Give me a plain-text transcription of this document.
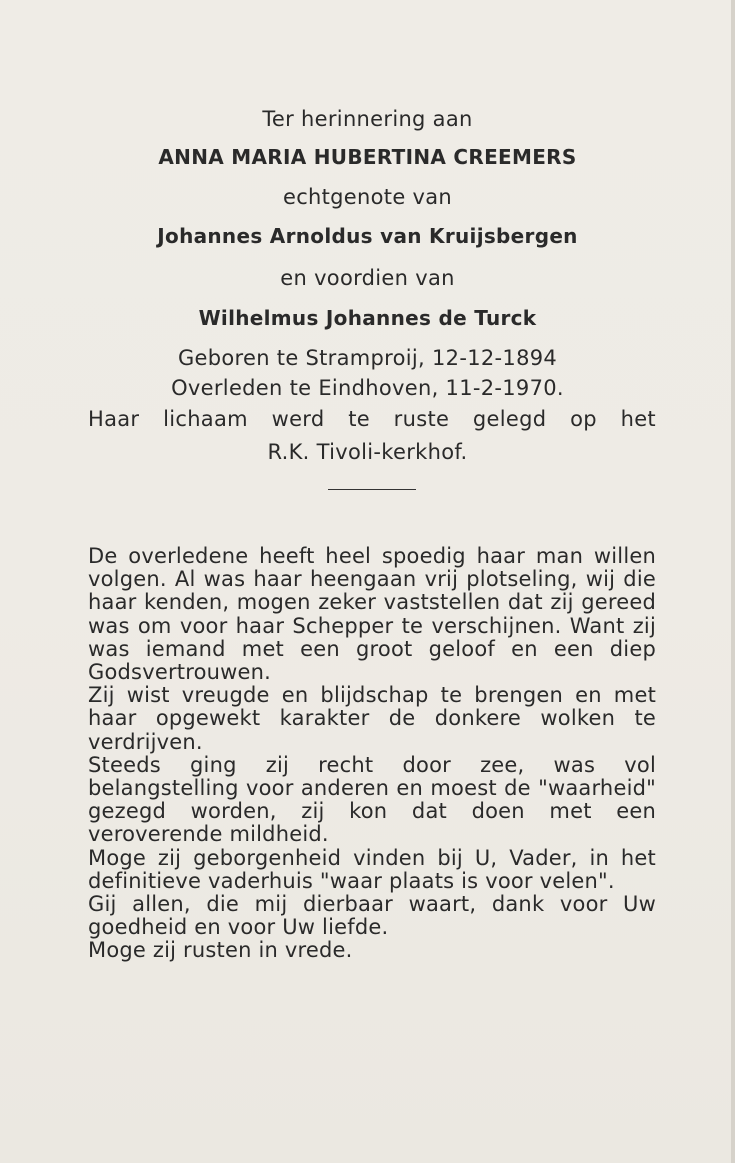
Ter herinnering aan
ANNA MARIA HUBERTINA CREEMERS
echtgenote van
Johannes Arnoldus van Kruijsbergen
en voordien van
Wilhelmus Johannes de Turck
Geboren te Stramproij, 12-12-1894
Overleden te Eindhoven, 11-2-1970.
Haar lichaam werd te ruste gelegd op het
R.K. Tivoli-kerkhof.

De overledene heeft heel spoedig haar man willen volgen. Al was haar heengaan vrij plotseling, wij die haar kenden, mogen zeker vaststellen dat zij gereed was om voor haar Schepper te verschijnen. Want zij was iemand met een groot geloof en een diep Godsvertrouwen.

Zij wist vreugde en blijdschap te brengen en met haar opgewekt karakter de donkere wolken te verdrijven.

Steeds ging zij recht door zee, was vol belangstelling voor anderen en moest de "waarheid" gezegd worden, zij kon dat doen met een veroverende mildheid.

Moge zij geborgenheid vinden bij U, Vader, in het definitieve vaderhuis "waar plaats is voor velen".

Gij allen, die mij dierbaar waart, dank voor Uw goedheid en voor Uw liefde.

Moge zij rusten in vrede.
